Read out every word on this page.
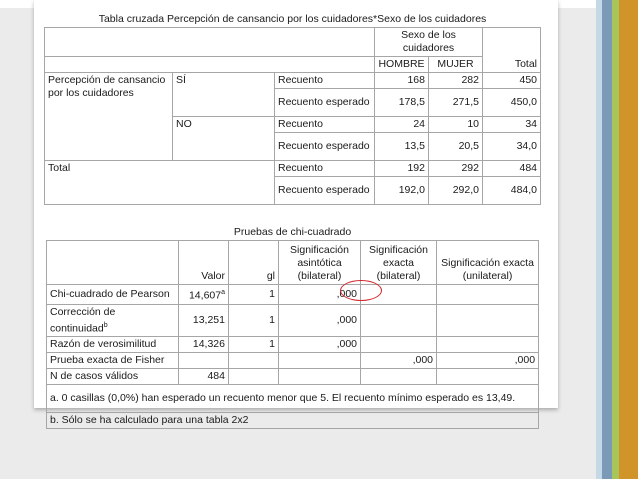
Tabla cruzada Percepción de cansancio por los cuidadores*Sexo de los cuidadores					
			Sexo de los cuidadores		Total
			HOMBRE	MUJER	
Percepción de cansancio por los cuidadores	SÍ	Recuento	168	282	450
		Recuento esperado	178,5	271,5	450,0
	NO	Recuento	24	10	34
		Recuento esperado	13,5	20,5	34,0
Total		Recuento	192	292	484
		Recuento esperado	192,0	292,0	484,0
Pruebas de chi-cuadrado					
	Valor	gl	Significación asintótica (bilateral)	Significación exacta (bilateral)	Significación exacta (unilateral)
Chi-cuadrado de Pearson	14,607$^a$	1	,000		
Corrección de continuidad$^b$	13,251	1	,000		
Razón de verosimilitud	14,326	1	,000		
Prueba exacta de Fisher				,000	,000
N de casos válidos	484				
a. 0 casillas (0,0%) han esperado un recuento menor que 5. El recuento mínimo esperado es 13,49.					
b. Sólo se ha calculado para una tabla 2x2					
